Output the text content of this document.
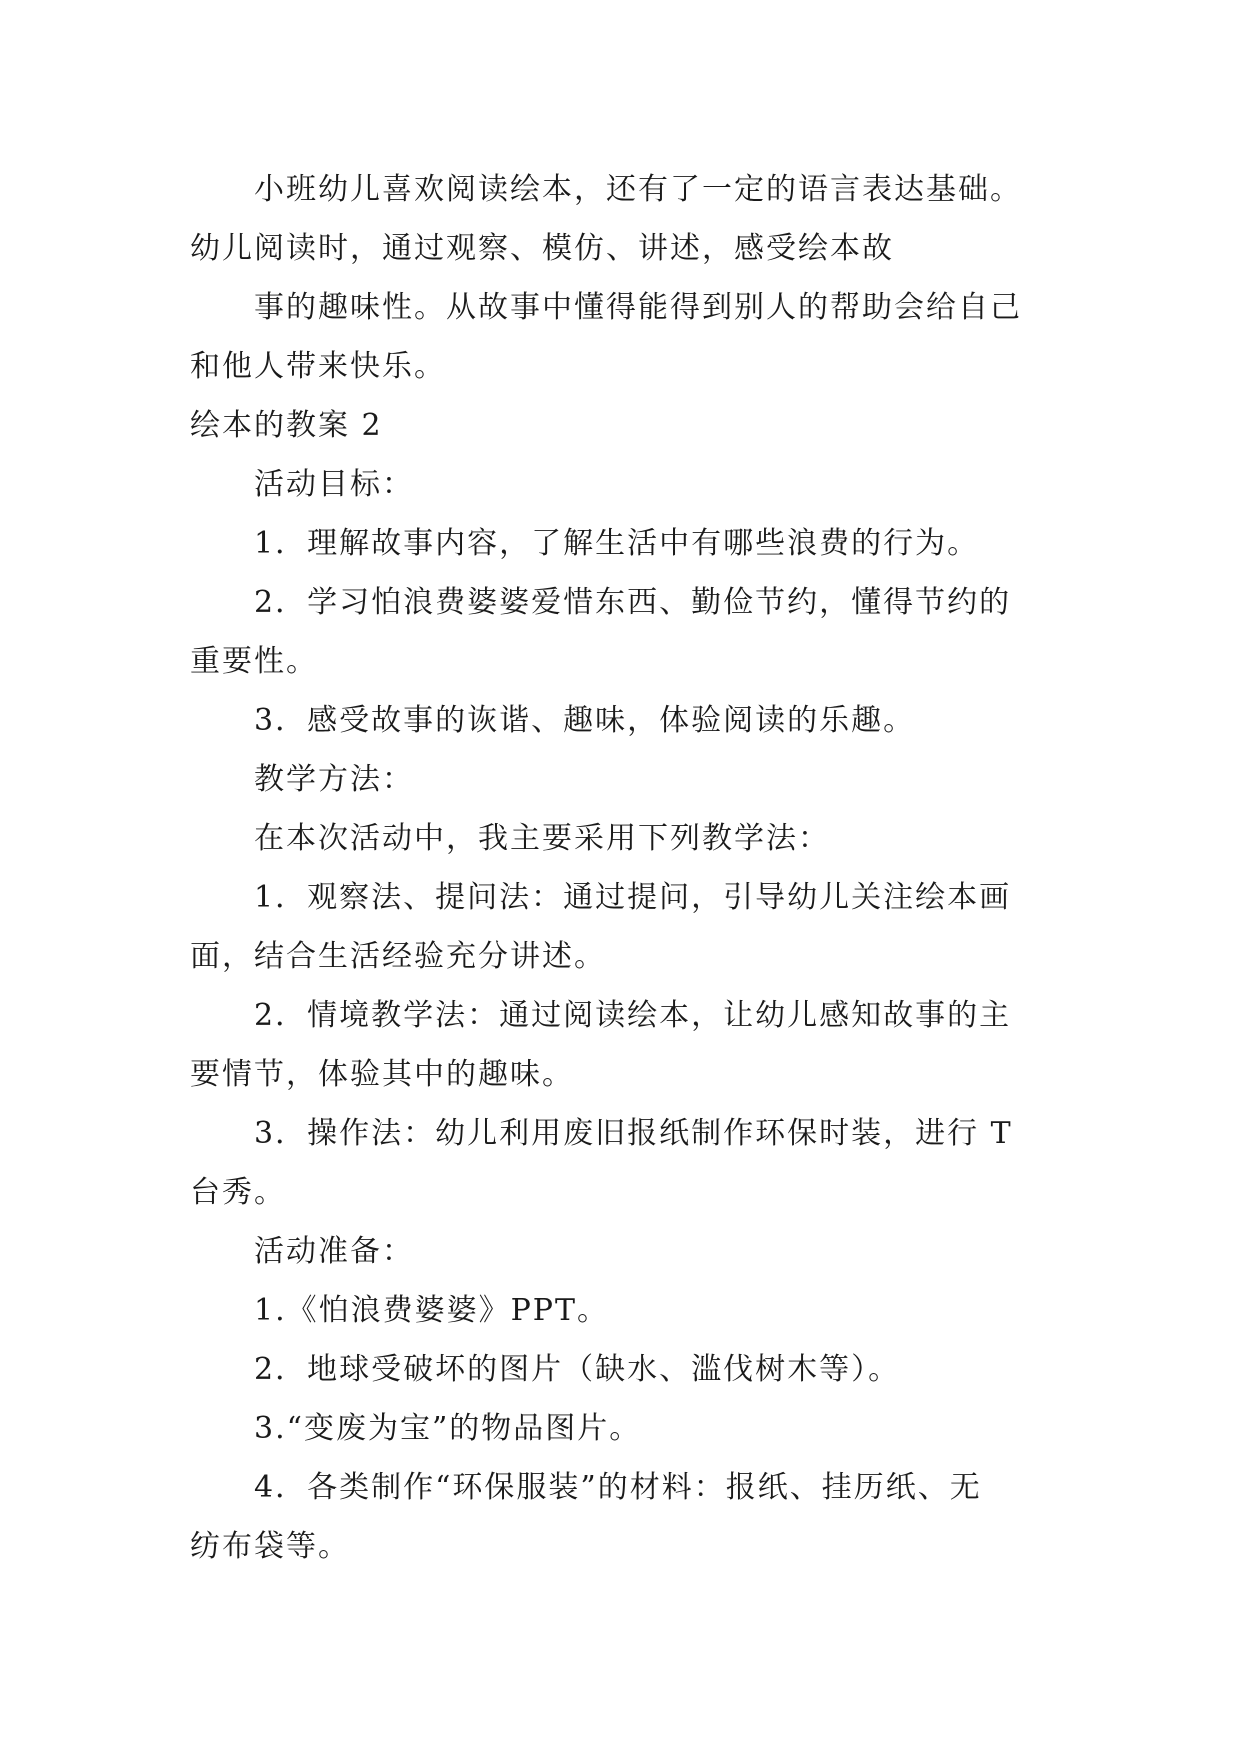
小班幼儿喜欢阅读绘本，还有了一定的语言表达基础。
幼儿阅读时，通过观察、模仿、讲述，感受绘本故
事的趣味性。从故事中懂得能得到别人的帮助会给自己
和他人带来快乐。
绘本的教案 2
活动目标：
1．理解故事内容，了解生活中有哪些浪费的行为。
2．学习怕浪费婆婆爱惜东西、勤俭节约，懂得节约的
重要性。
3．感受故事的诙谐、趣味，体验阅读的乐趣。
教学方法：
在本次活动中，我主要采用下列教学法：
1．观察法、提问法：通过提问，引导幼儿关注绘本画
面，结合生活经验充分讲述。
2．情境教学法：通过阅读绘本，让幼儿感知故事的主
要情节，体验其中的趣味。
3．操作法：幼儿利用废旧报纸制作环保时装，进行 T
台秀。
活动准备：
1.《怕浪费婆婆》PPT。
2．地球受破坏的图片（缺水、滥伐树木等）。
3.“变废为宝”的物品图片。
4．各类制作“环保服装”的材料：报纸、挂历纸、无
纺布袋等。
